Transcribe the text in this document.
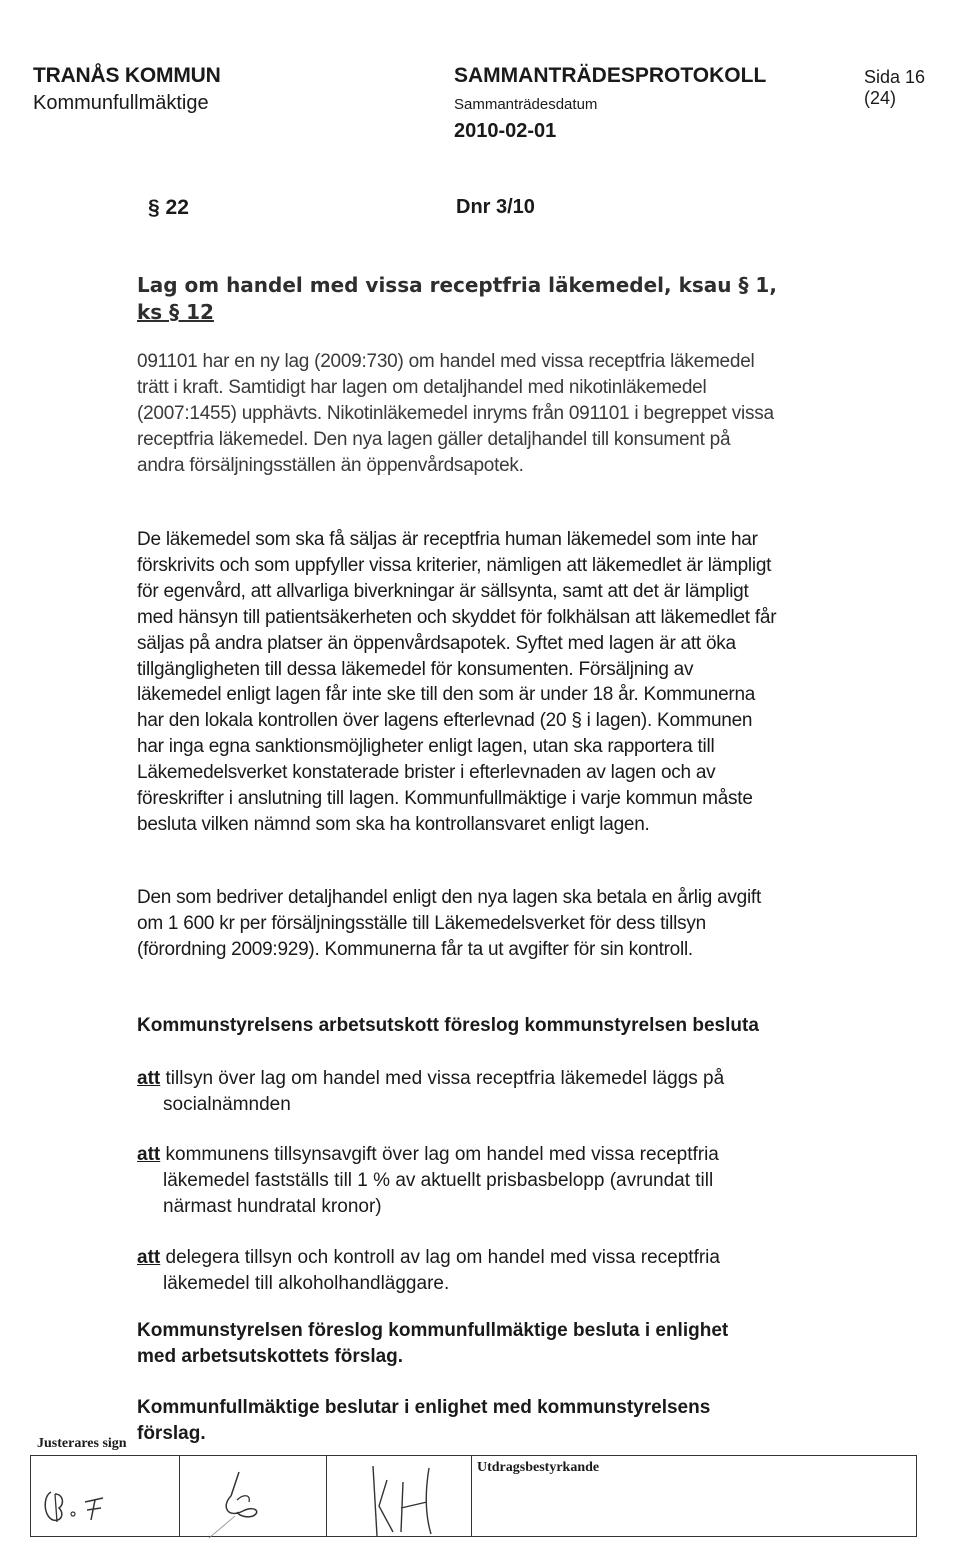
TRANÅS KOMMUN
Kommunfullmäktige
SAMMANTRÄDESPROTOKOLL
Sammanträdesdatum
2010-02-01
Sida 16 (24)
§ 22	Dnr 3/10
Lag om handel med vissa receptfria läkemedel, ksau § 1,
ks § 12

091101 har en ny lag (2009:730) om handel med vissa receptfria läkemedel trätt i kraft. Samtidigt har lagen om detaljhandel med nikotinläkemedel (2007:1455) upphävts. Nikotinläkemedel inryms från 091101 i begreppet vissa receptfria läkemedel. Den nya lagen gäller detaljhandel till konsument på andra försäljningsställen än öppenvårdsapotek.

De läkemedel som ska få säljas är receptfria human läkemedel som inte har förskrivits och som uppfyller vissa kriterier, nämligen att läkemedlet är lämpligt för egenvård, att allvarliga biverkningar är sällsynta, samt att det är lämpligt med hänsyn till patientsäkerheten och skyddet för folkhälsan att läkemedlet får säljas på andra platser än öppenvårdsapotek. Syftet med lagen är att öka tillgängligheten till dessa läkemedel för konsumenten. Försäljning av läkemedel enligt lagen får inte ske till den som är under 18 år. Kommunerna har den lokala kontrollen över lagens efterlevnad (20 § i lagen). Kommunen har inga egna sanktionsmöjligheter enligt lagen, utan ska rapportera till Läkemedelsverket konstaterade brister i efterlevnaden av lagen och av föreskrifter i anslutning till lagen. Kommunfullmäktige i varje kommun måste besluta vilken nämnd som ska ha kontrollansvaret enligt lagen.

Den som bedriver detaljhandel enligt den nya lagen ska betala en årlig avgift om 1 600 kr per försäljningsställe till Läkemedelsverket för dess tillsyn (förordning 2009:929). Kommunerna får ta ut avgifter för sin kontroll.

Kommunstyrelsens arbetsutskott föreslog kommunstyrelsen besluta

att tillsyn över lag om handel med vissa receptfria läkemedel läggs på
socialnämnden

att kommunens tillsynsavgift över lag om handel med vissa receptfria
läkemedel fastställs till 1 % av aktuellt prisbasbelopp (avrundat till närmast hundratal kronor)

att delegera tillsyn och kontroll av lag om handel med vissa receptfria
läkemedel till alkoholhandläggare.

Kommunstyrelsen föreslog kommunfullmäktige besluta i enlighet med arbetsutskottets förslag.

Kommunfullmäktige beslutar i enlighet med kommunstyrelsens förslag.

Justerares sign
Utdragsbestyrkande
